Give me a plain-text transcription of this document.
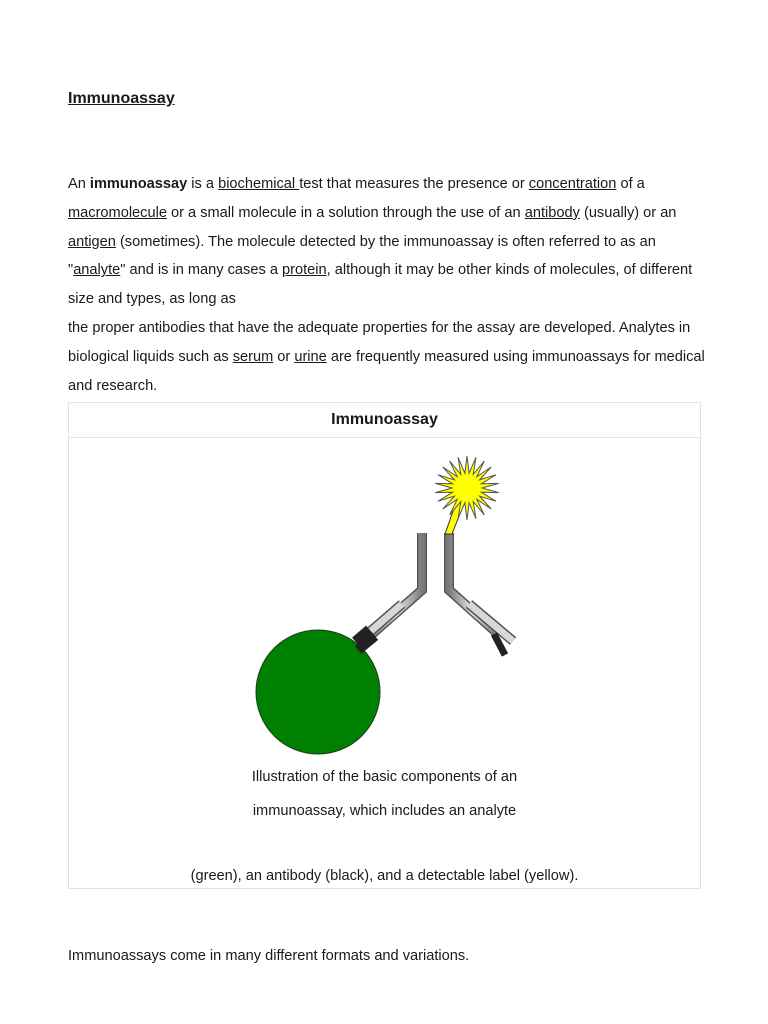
Immunoassay

An immunoassay is a biochemical test that measures the presence or concentration of a macromolecule or a small molecule in a solution through the use of an antibody (usually) or an antigen (sometimes). The molecule detected by the immunoassay is often referred to as an "analyte" and is in many cases a protein, although it may be other kinds of molecules, of different size and types, as long as
the proper antibodies that have the adequate properties for the assay are developed. Analytes in biological liquids such as serum or urine are frequently measured using immunoassays for medical and research.

Immunoassay

Illustration of the basic components of an

immunoassay, which includes an analyte

(green), an antibody (black), and a detectable label (yellow).

Immunoassays come in many different formats and variations.
